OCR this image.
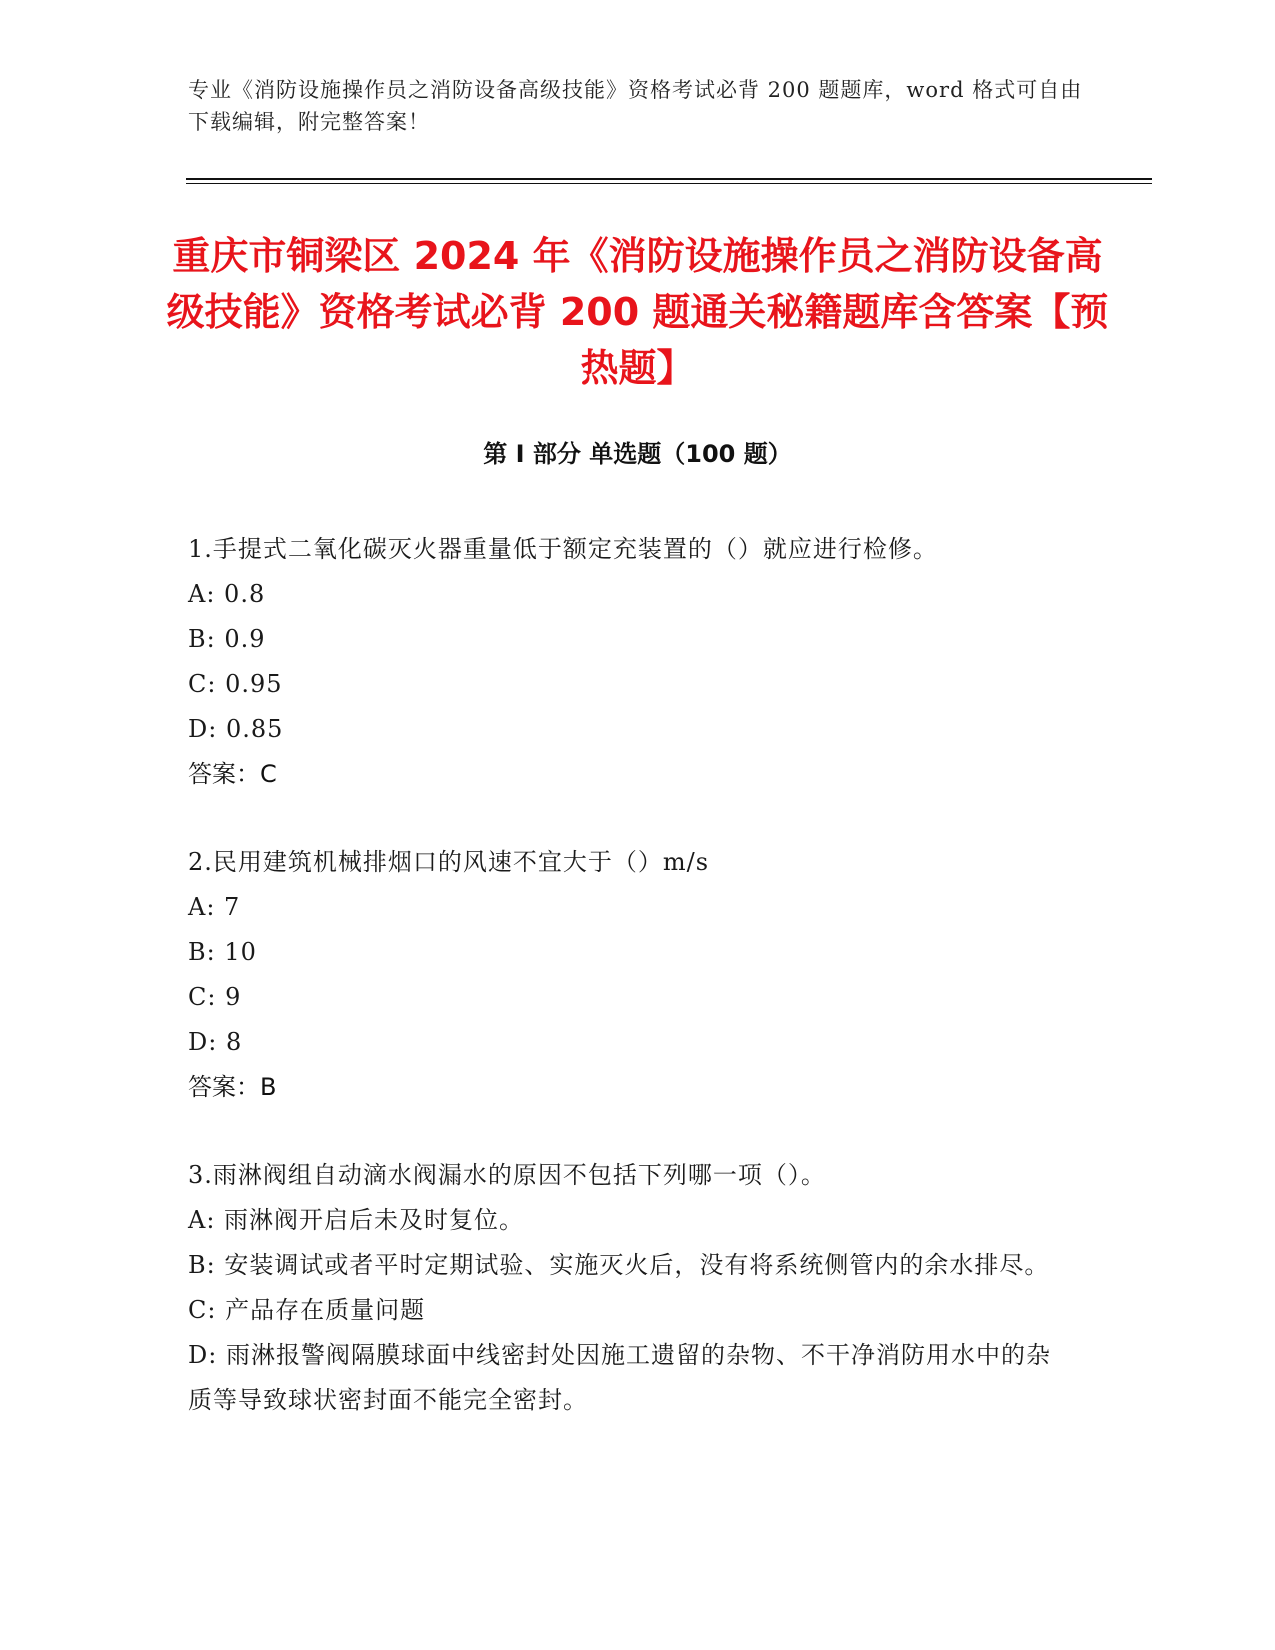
专业《消防设施操作员之消防设备高级技能》资格考试必背 200 题题库，word 格式可自由下载编辑，附完整答案！
重庆市铜梁区 2024 年《消防设施操作员之消防设备高级技能》资格考试必背 200 题通关秘籍题库含答案【预热题】
第 I 部分 单选题（100 题）
1.手提式二氧化碳灭火器重量低于额定充装置的（）就应进行检修。
A: 0.8
B: 0.9
C: 0.95
D: 0.85
答案：C
2.民用建筑机械排烟口的风速不宜大于（）m/s
A: 7
B: 10
C: 9
D: 8
答案：B
3.雨淋阀组自动滴水阀漏水的原因不包括下列哪一项（）。
A: 雨淋阀开启后未及时复位。
B: 安装调试或者平时定期试验、实施灭火后，没有将系统侧管内的余水排尽。
C: 产品存在质量问题
D: 雨淋报警阀隔膜球面中线密封处因施工遗留的杂物、不干净消防用水中的杂质等导致球状密封面不能完全密封。
